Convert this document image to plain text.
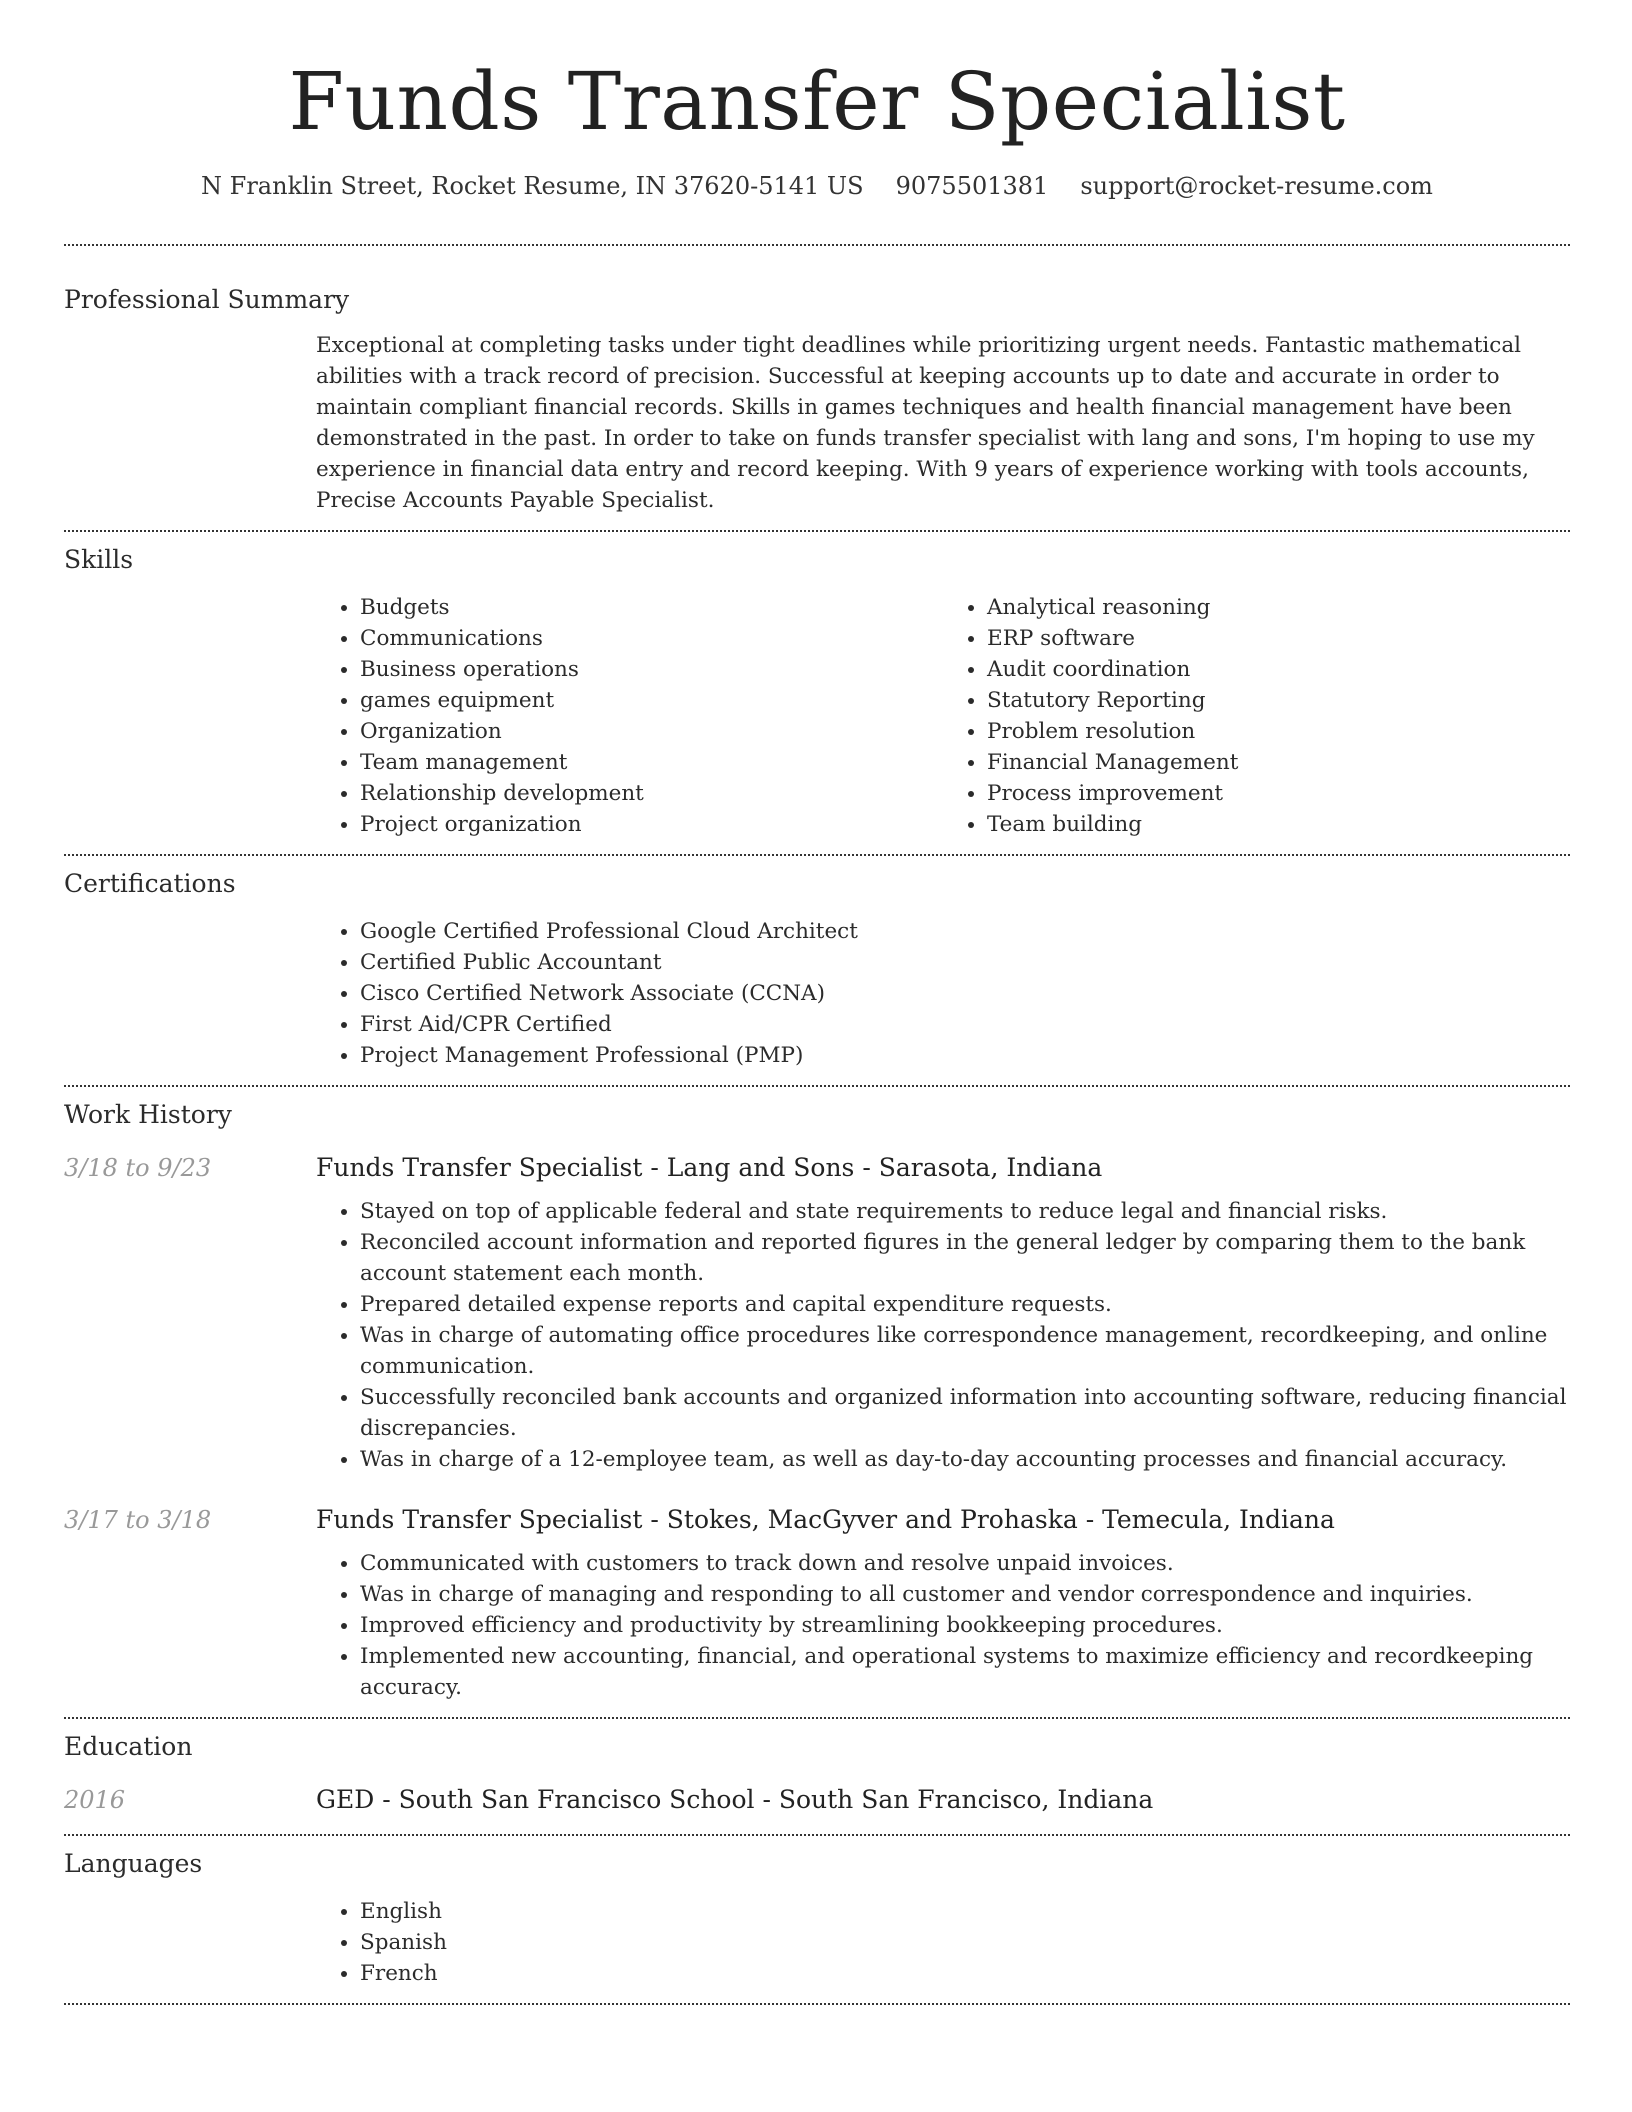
Funds Transfer Specialist
N Franklin Street, Rocket Resume, IN 37620-5141 US 9075501381 support@rocket-resume.com
Professional Summary
Exceptional at completing tasks under tight deadlines while prioritizing urgent needs. Fantastic mathematical abilities with a track record of precision. Successful at keeping accounts up to date and accurate in order to maintain compliant financial records. Skills in games techniques and health financial management have been demonstrated in the past. In order to take on funds transfer specialist with lang and sons, I'm hoping to use my experience in financial data entry and record keeping. With 9 years of experience working with tools accounts, Precise Accounts Payable Specialist.
Skills
• Budgets
• Communications
• Business operations
• games equipment
• Organization
• Team management
• Relationship development
• Project organization
• Analytical reasoning
• ERP software
• Audit coordination
• Statutory Reporting
• Problem resolution
• Financial Management
• Process improvement
• Team building
Certifications
• Google Certified Professional Cloud Architect
• Certified Public Accountant
• Cisco Certified Network Associate (CCNA)
• First Aid/CPR Certified
• Project Management Professional (PMP)
Work History
3/18 to 9/23	Funds Transfer Specialist - Lang and Sons - Sarasota, Indiana
• Stayed on top of applicable federal and state requirements to reduce legal and financial risks.
• Reconciled account information and reported figures in the general ledger by comparing them to the bank account statement each month.
• Prepared detailed expense reports and capital expenditure requests.
• Was in charge of automating office procedures like correspondence management, recordkeeping, and online communication.
• Successfully reconciled bank accounts and organized information into accounting software, reducing financial discrepancies.
• Was in charge of a 12-employee team, as well as day-to-day accounting processes and financial accuracy.
3/17 to 3/18	Funds Transfer Specialist - Stokes, MacGyver and Prohaska - Temecula, Indiana
• Communicated with customers to track down and resolve unpaid invoices.
• Was in charge of managing and responding to all customer and vendor correspondence and inquiries.
• Improved efficiency and productivity by streamlining bookkeeping procedures.
• Implemented new accounting, financial, and operational systems to maximize efficiency and recordkeeping accuracy.
Education
2016	GED - South San Francisco School - South San Francisco, Indiana
Languages
• English
• Spanish
• French
